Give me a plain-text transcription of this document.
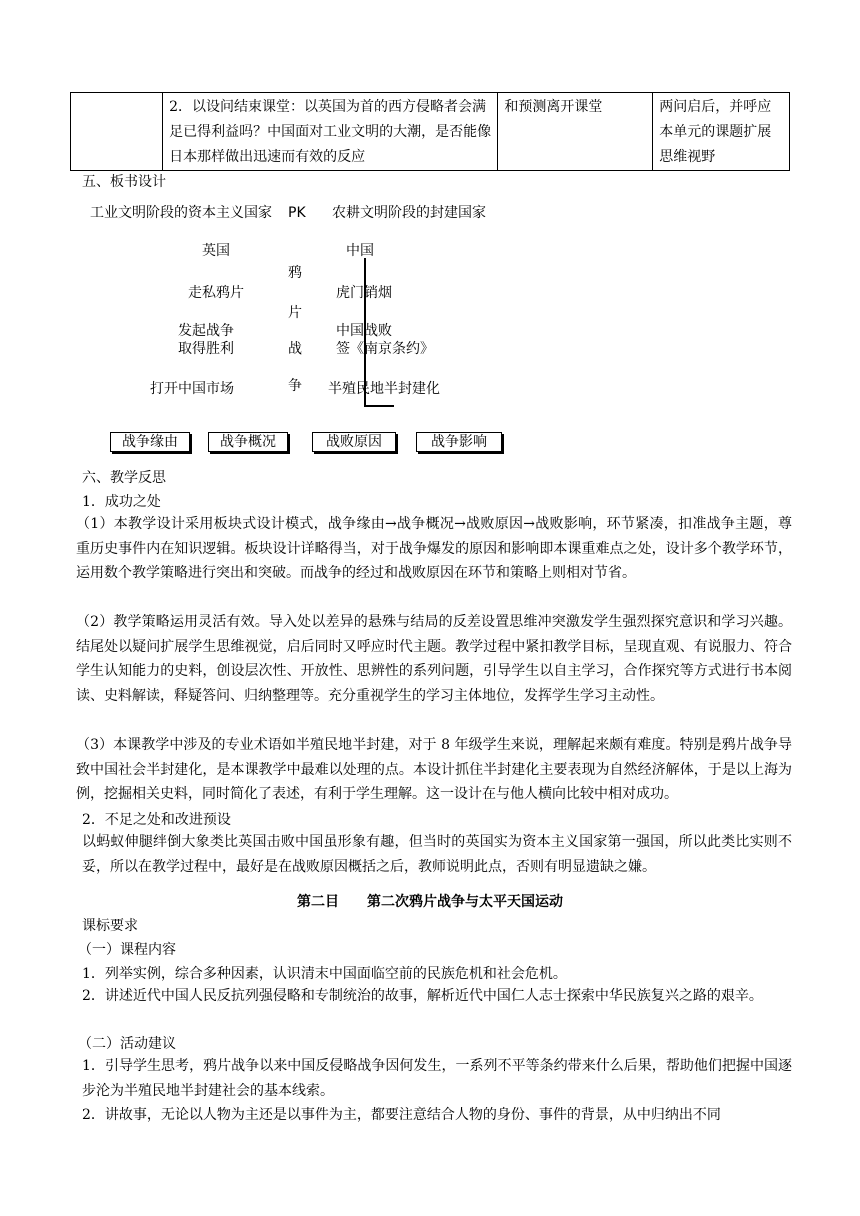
	2．以设问结束课堂：以英国为首的西方侵略者会满足已得利益吗？中国面对工业文明的大潮，是否能像日本那样做出迅速而有效的反应	和预测离开课堂	两问启后，并呼应本单元的课题扩展思维视野
五、板书设计
工业文明阶段的资本主义国家 PK 农耕文明阶段的封建国家
英国	中国
鸦
片
战
争
走私鸦片
发起战争
取得胜利
打开中国市场
虎门销烟
中国战败
签《南京条约》
半殖民地半封建化
战争缘由	战争概况	战败原因	战争影响
六、教学反思
1．成功之处
（1）本教学设计采用板块式设计模式，战争缘由→战争概况→战败原因→战败影响，环节紧凑，扣准战争主题，尊重历史事件内在知识逻辑。板块设计详略得当，对于战争爆发的原因和影响即本课重难点之处，设计多个教学环节，运用数个教学策略进行突出和突破。而战争的经过和战败原因在环节和策略上则相对节省。
（2）教学策略运用灵活有效。导入处以差异的悬殊与结局的反差设置思维冲突激发学生强烈探究意识和学习兴趣。结尾处以疑问扩展学生思维视觉，启后同时又呼应时代主题。教学过程中紧扣教学目标，呈现直观、有说服力、符合学生认知能力的史料，创设层次性、开放性、思辨性的系列问题，引导学生以自主学习，合作探究等方式进行书本阅读、史料解读，释疑答问、归纳整理等。充分重视学生的学习主体地位，发挥学生学习主动性。
（3）本课教学中涉及的专业术语如半殖民地半封建，对于 8 年级学生来说，理解起来颇有难度。特别是鸦片战争导致中国社会半封建化，是本课教学中最难以处理的点。本设计抓住半封建化主要表现为自然经济解体，于是以上海为例，挖掘相关史料，同时简化了表述，有利于学生理解。这一设计在与他人横向比较中相对成功。
2．不足之处和改进预设
以蚂蚁伸腿绊倒大象类比英国击败中国虽形象有趣，但当时的英国实为资本主义国家第一强国，所以此类比实则不妥，所以在教学过程中，最好是在战败原因概括之后，教师说明此点，否则有明显遗缺之嫌。
第二目　　第二次鸦片战争与太平天国运动
课标要求
（一）课程内容
1．列举实例，综合多种因素，认识清末中国面临空前的民族危机和社会危机。
2．讲述近代中国人民反抗列强侵略和专制统治的故事，解析近代中国仁人志士探索中华民族复兴之路的艰辛。
（二）活动建议
1．引导学生思考，鸦片战争以来中国反侵略战争因何发生，一系列不平等条约带来什么后果，帮助他们把握中国逐步沦为半殖民地半封建社会的基本线索。
2．讲故事，无论以人物为主还是以事件为主，都要注意结合人物的身份、事件的背景，从中归纳出不同
